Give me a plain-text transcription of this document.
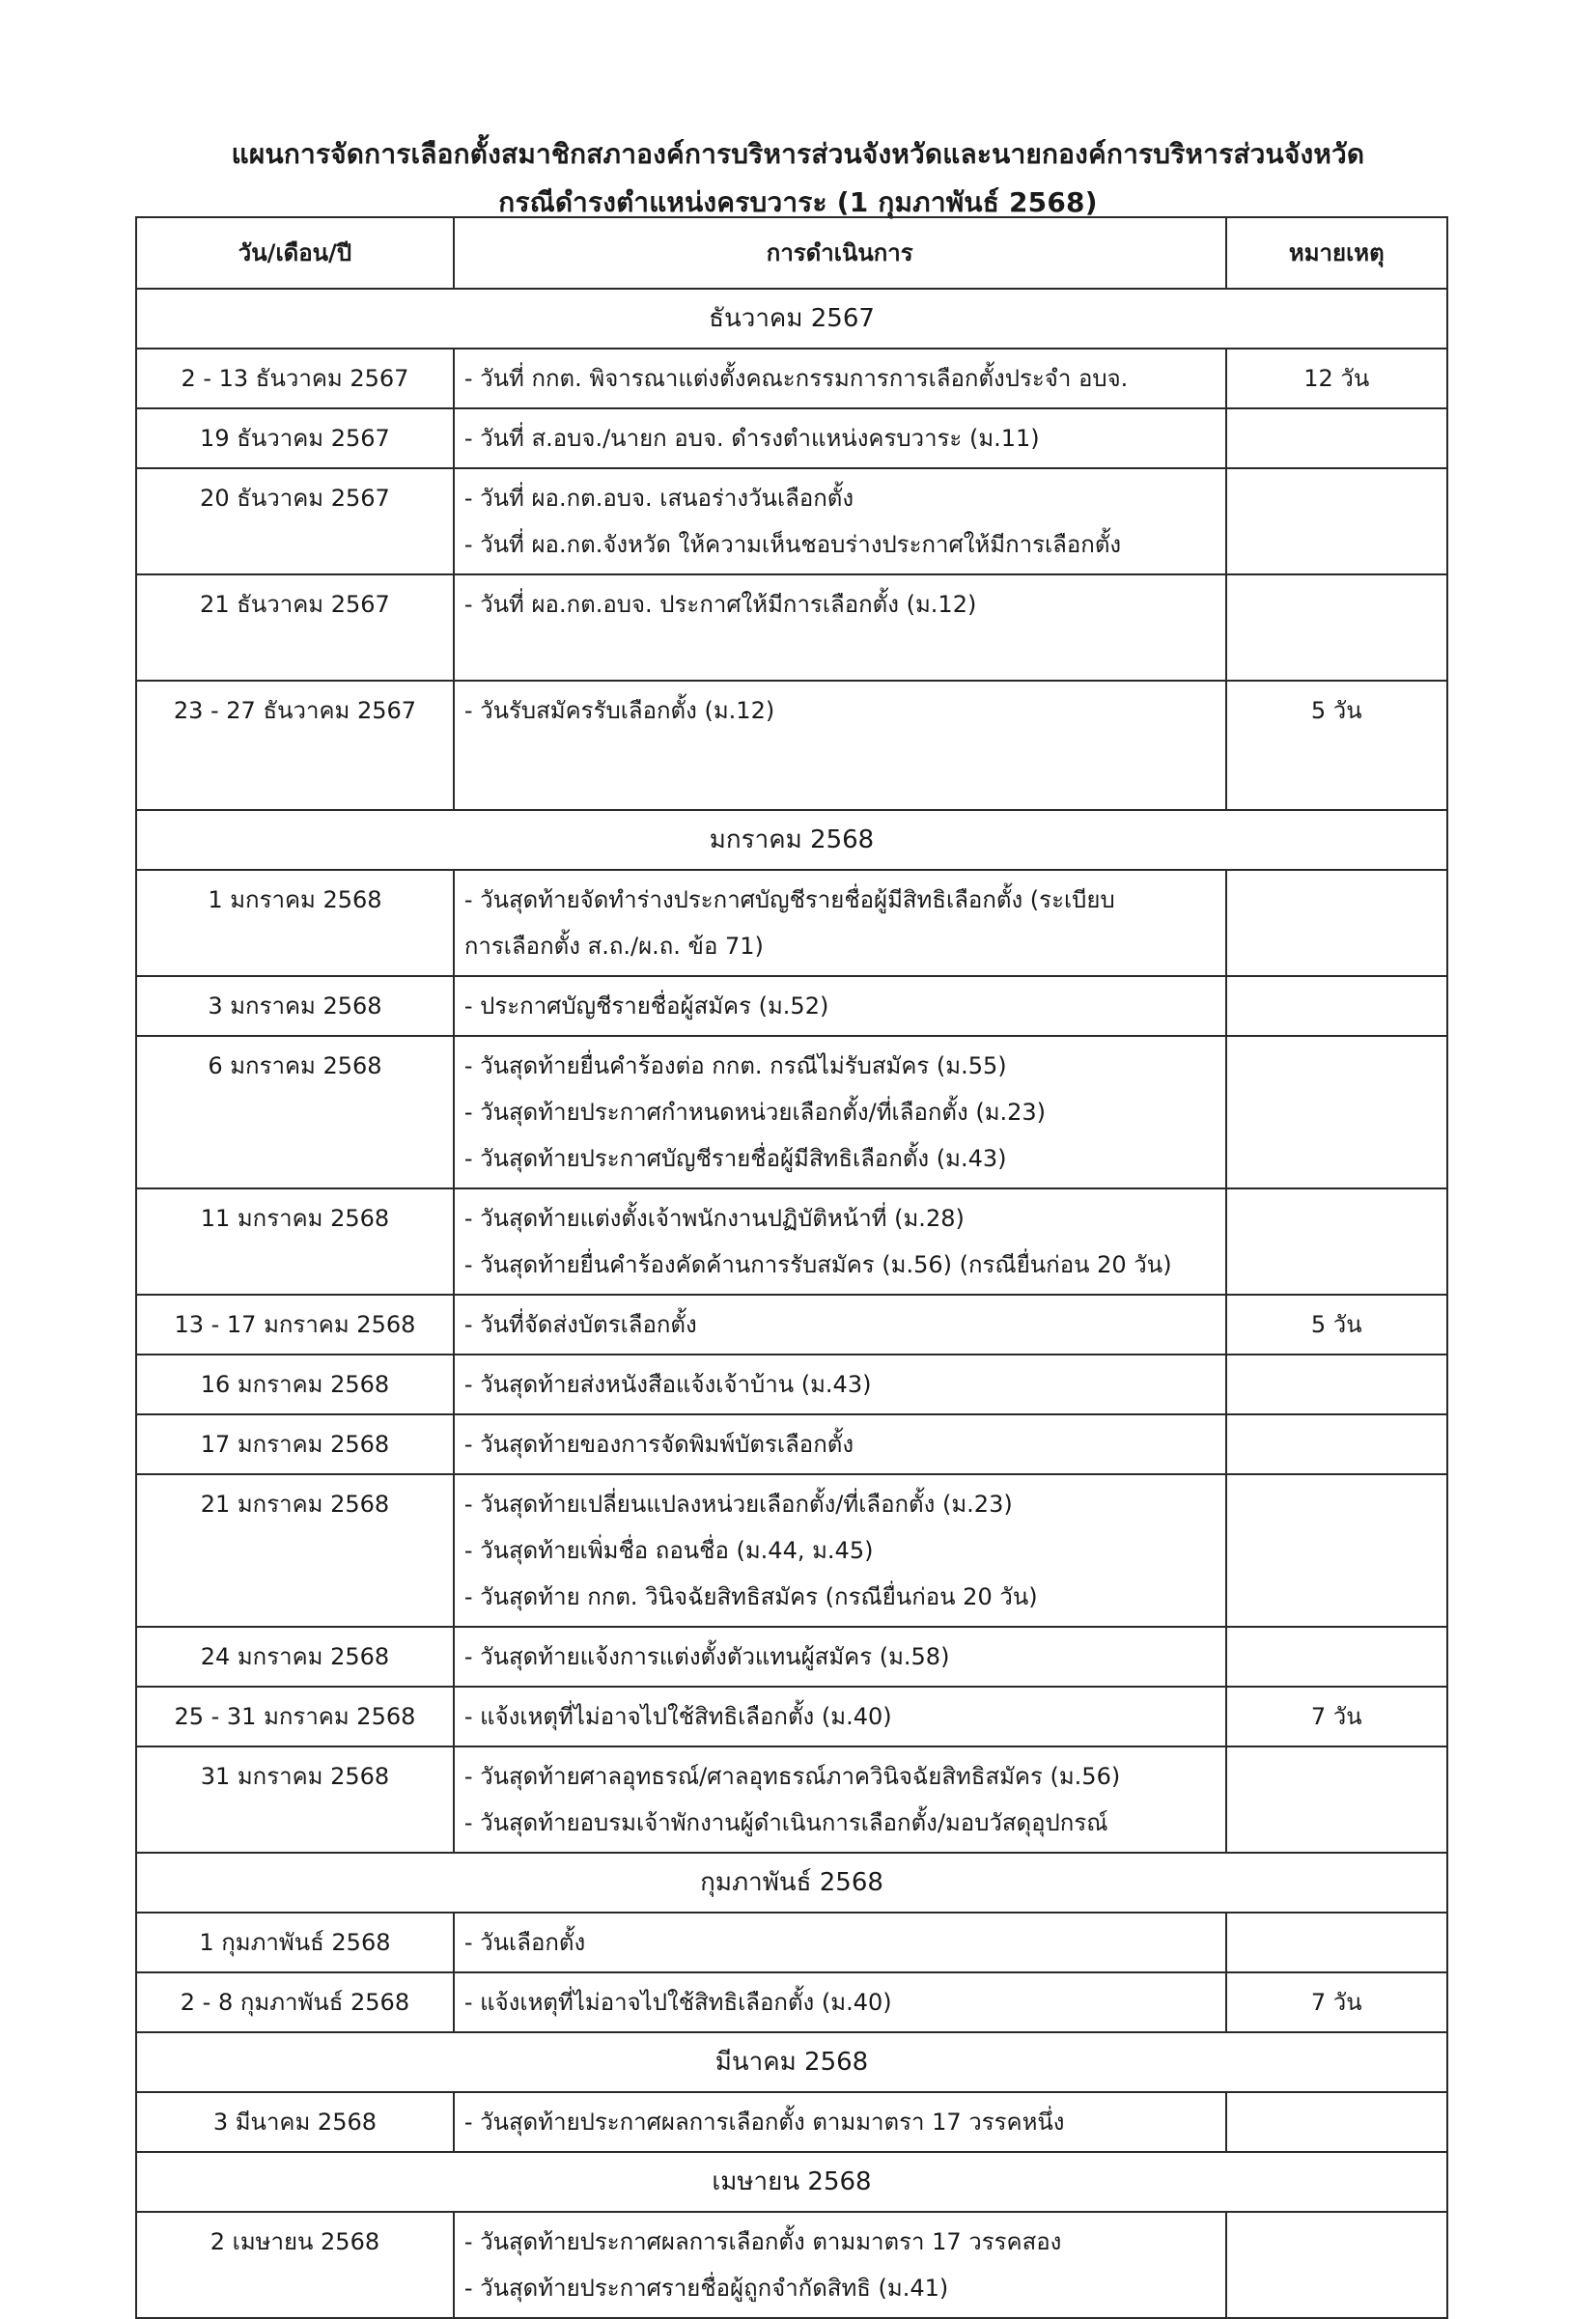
แผนการจัดการเลือกตั้งสมาชิกสภาองค์การบริหารส่วนจังหวัดและนายกองค์การบริหารส่วนจังหวัด
กรณีดำรงตำแหน่งครบวาระ (1 กุมภาพันธ์ 2568)
วัน/เดือน/ปี	การดำเนินการ	หมายเหตุ
ธันวาคม 2567		
2 - 13 ธันวาคม 2567	- วันที่ กกต. พิจารณาแต่งตั้งคณะกรรมการการเลือกตั้งประจำ อบจ.	12 วัน
19 ธันวาคม 2567	- วันที่ ส.อบจ./นายก อบจ. ดำรงตำแหน่งครบวาระ (ม.11)	

20 ธันวาคม 2567	- วันที่ ผอ.กต.อบจ. เสนอร่างวันเลือกตั้ง
- วันที่ ผอ.กต.จังหวัด ให้ความเห็นชอบร่างประกาศให้มีการเลือกตั้ง	

21 ธันวาคม 2567	- วันที่ ผอ.กต.อบจ. ประกาศให้มีการเลือกตั้ง (ม.12)	

23 - 27 ธันวาคม 2567	- วันรับสมัครรับเลือกตั้ง (ม.12)	5 วัน
มกราคม 2568		
1 มกราคม 2568	- วันสุดท้ายจัดทำร่างประกาศบัญชีรายชื่อผู้มีสิทธิเลือกตั้ง (ระเบียบ
การเลือกตั้ง ส.ถ./ผ.ถ. ข้อ 71)	

3 มกราคม 2568	- ประกาศบัญชีรายชื่อผู้สมัคร (ม.52)	

6 มกราคม 2568	- วันสุดท้ายยื่นคำร้องต่อ กกต. กรณีไม่รับสมัคร (ม.55)
- วันสุดท้ายประกาศกำหนดหน่วยเลือกตั้ง/ที่เลือกตั้ง (ม.23)
- วันสุดท้ายประกาศบัญชีรายชื่อผู้มีสิทธิเลือกตั้ง (ม.43)	

11 มกราคม 2568	- วันสุดท้ายแต่งตั้งเจ้าพนักงานปฏิบัติหน้าที่ (ม.28)
- วันสุดท้ายยื่นคำร้องคัดค้านการรับสมัคร (ม.56) (กรณียื่นก่อน 20 วัน)	

13 - 17 มกราคม 2568	- วันที่จัดส่งบัตรเลือกตั้ง	5 วัน
16 มกราคม 2568	- วันสุดท้ายส่งหนังสือแจ้งเจ้าบ้าน (ม.43)	

17 มกราคม 2568	- วันสุดท้ายของการจัดพิมพ์บัตรเลือกตั้ง	

21 มกราคม 2568	- วันสุดท้ายเปลี่ยนแปลงหน่วยเลือกตั้ง/ที่เลือกตั้ง (ม.23)
- วันสุดท้ายเพิ่มชื่อ ถอนชื่อ (ม.44, ม.45)
- วันสุดท้าย กกต. วินิจฉัยสิทธิสมัคร (กรณียื่นก่อน 20 วัน)	

24 มกราคม 2568	- วันสุดท้ายแจ้งการแต่งตั้งตัวแทนผู้สมัคร (ม.58)	

25 - 31 มกราคม 2568	- แจ้งเหตุที่ไม่อาจไปใช้สิทธิเลือกตั้ง (ม.40)	7 วัน
31 มกราคม 2568	- วันสุดท้ายศาลอุทธรณ์/ศาลอุทธรณ์ภาควินิจฉัยสิทธิสมัคร (ม.56)
- วันสุดท้ายอบรมเจ้าพักงานผู้ดำเนินการเลือกตั้ง/มอบวัสดุอุปกรณ์	

กุมภาพันธ์ 2568		
1 กุมภาพันธ์ 2568	- วันเลือกตั้ง	

2 - 8 กุมภาพันธ์ 2568	- แจ้งเหตุที่ไม่อาจไปใช้สิทธิเลือกตั้ง (ม.40)	7 วัน
มีนาคม 2568		
3 มีนาคม 2568	- วันสุดท้ายประกาศผลการเลือกตั้ง ตามมาตรา 17 วรรคหนึ่ง	

เมษายน 2568		
2 เมษายน 2568	- วันสุดท้ายประกาศผลการเลือกตั้ง ตามมาตรา 17 วรรคสอง
- วันสุดท้ายประกาศรายชื่อผู้ถูกจำกัดสิทธิ (ม.41)	
